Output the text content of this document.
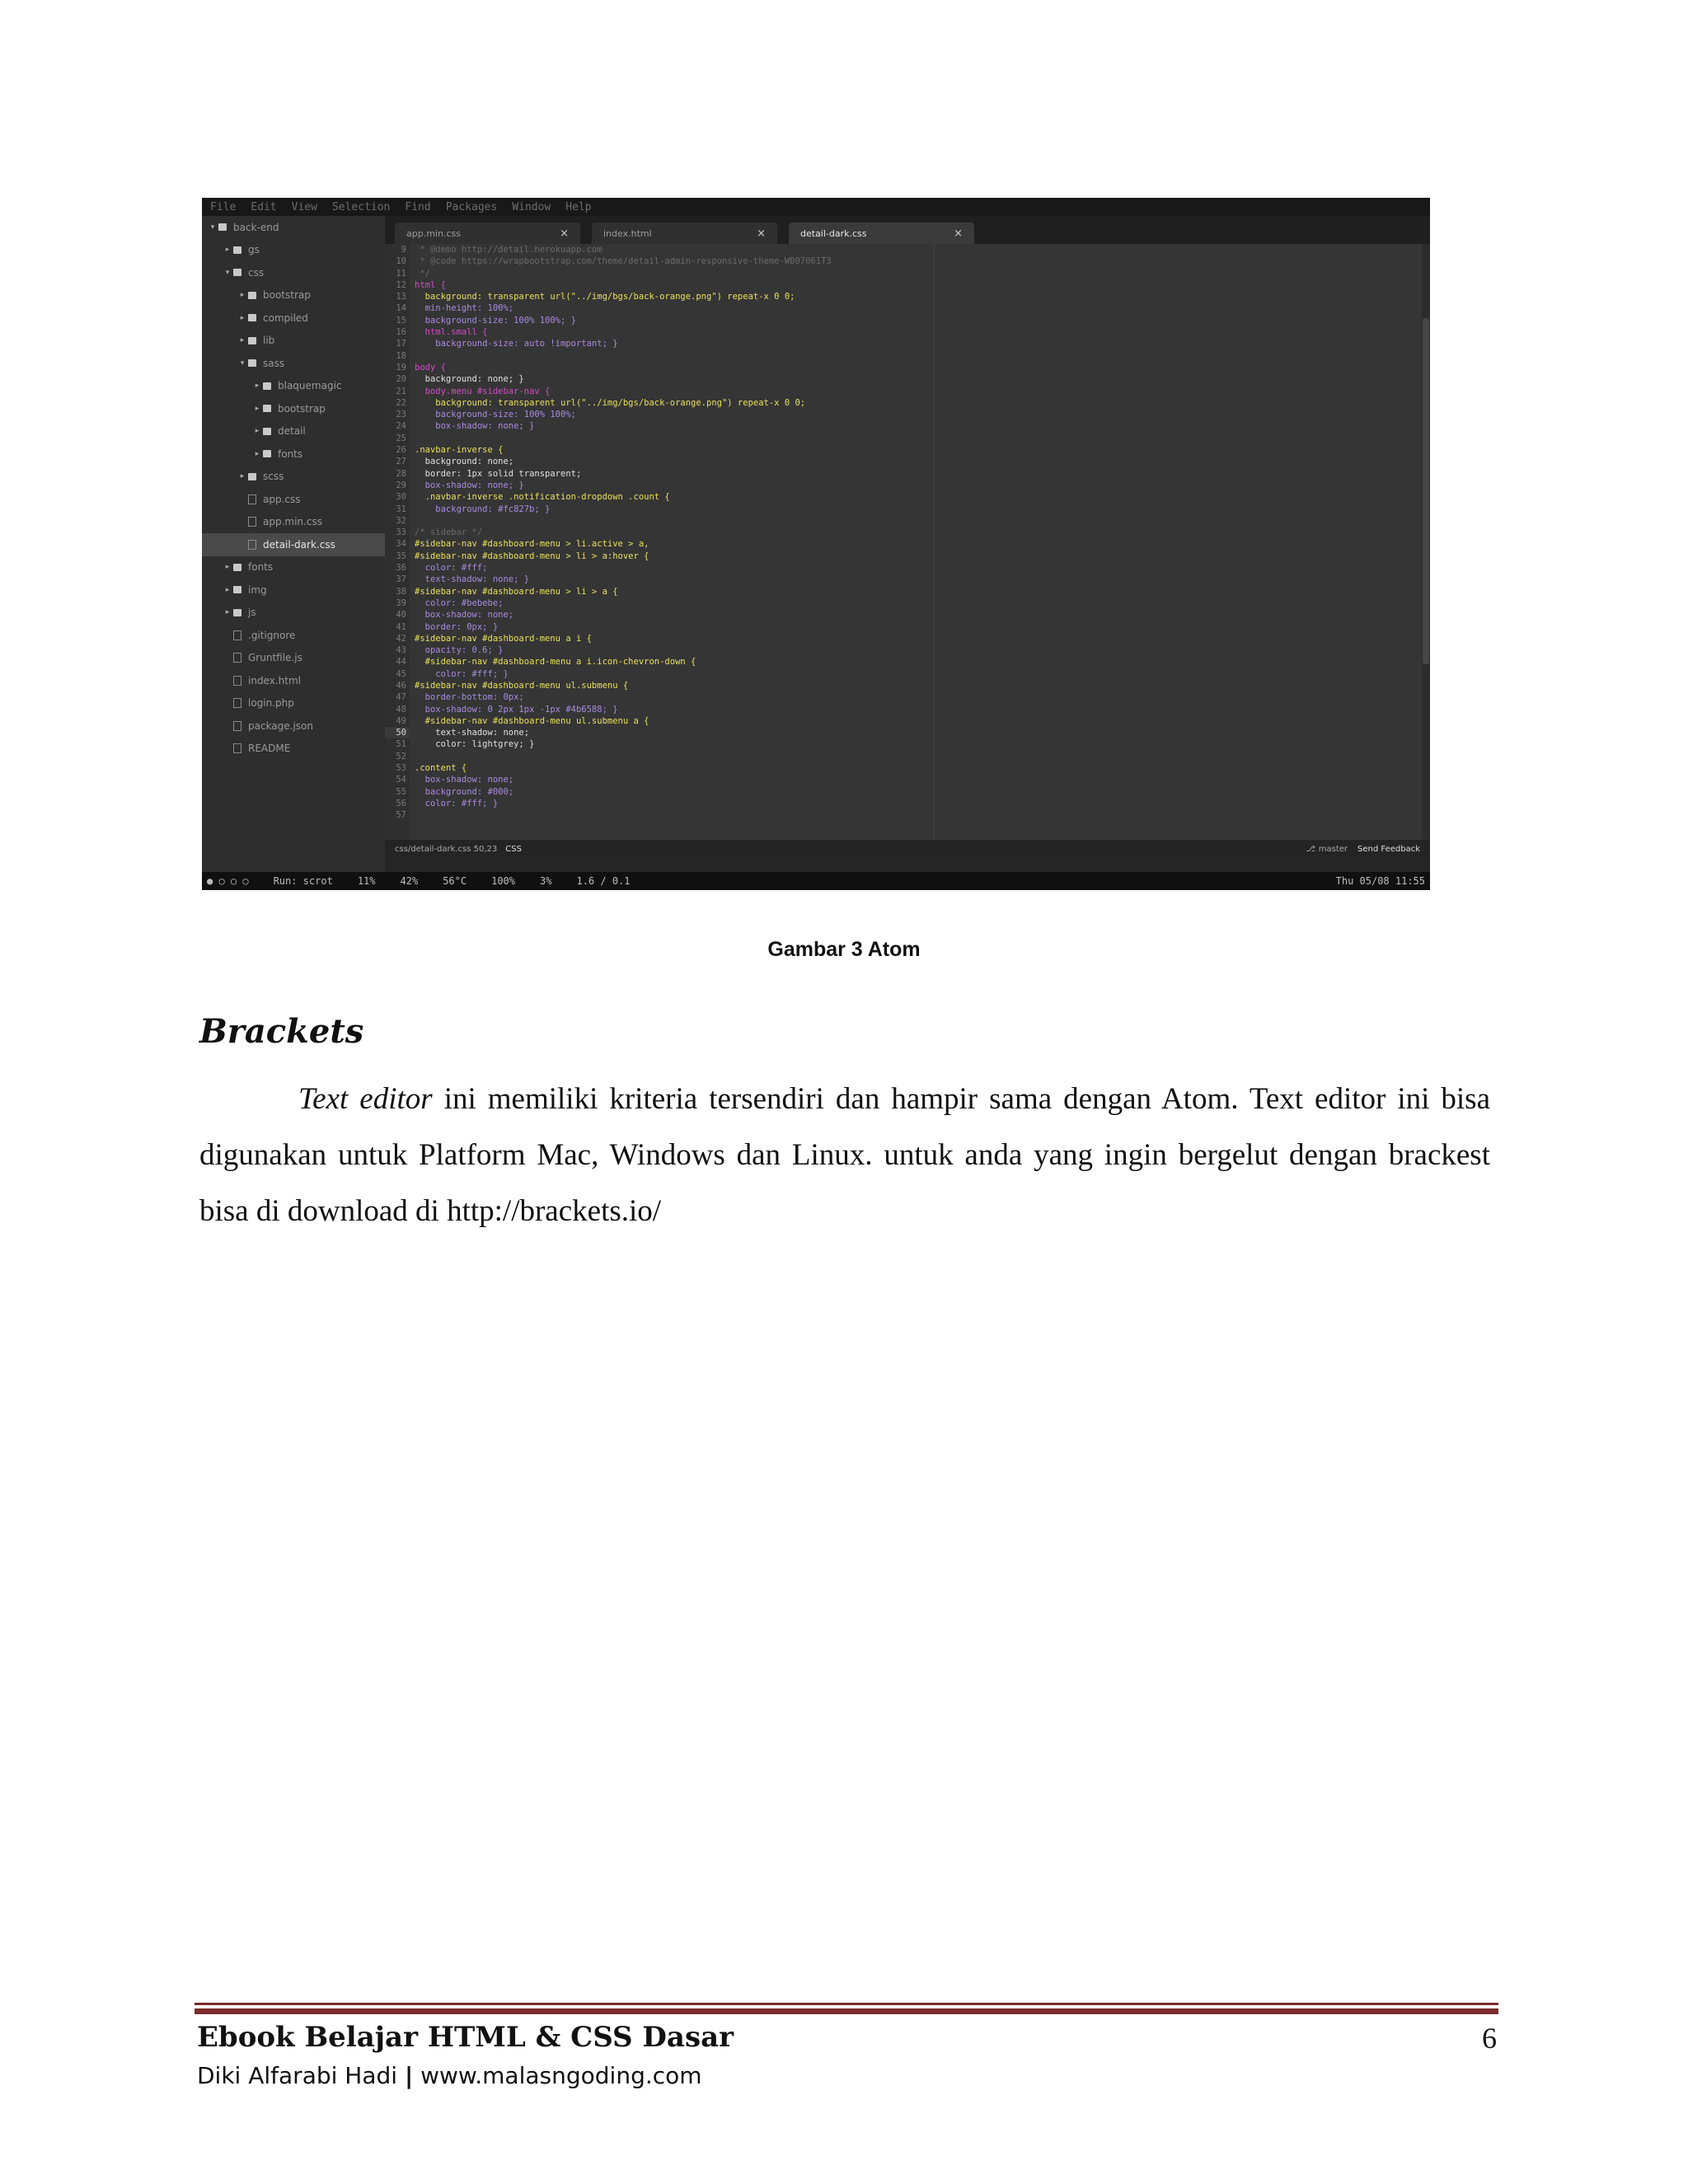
File Edit View Selection Find Packages Window Help
▾	back-end
▸	gs
▾	css
▸	bootstrap
▸	compiled
▸	lib
▾	sass
▸	blaquemagic
▸	bootstrap
▸	detail
▸	fonts
▸	scss
app.css
app.min.css
detail-dark.css
▸	fonts
▸	img
▸	js
.gitignore
Gruntfile.js
index.html
login.php
package.json
README
app.min.css	×	index.html	×	detail-dark.css	×
9
10
11
12
13
14
15
16
17
18
19
20
21
22
23
24
25
26
27
28
29
30
31
32
33
34
35
36
37
38
39
40
41
42
43
44
45
46
47
48
49
50
51
52
53
54
55
56
57
* @demo http://detail.herokuapp.com
* @code https://wrapbootstrap.com/theme/detail-admin-responsive-theme-WB07061T3
*/
html {
background: transparent url("../img/bgs/back-orange.png") repeat-x 0 0;
min-height: 100%;
background-size: 100% 100%; }
html.small {
background-size: auto !important; }
body {
background: none; }
body.menu #sidebar-nav {
background: transparent url("../img/bgs/back-orange.png") repeat-x 0 0;
background-size: 100% 100%;
box-shadow: none; }
.navbar-inverse {
background: none;
border: 1px solid transparent;
box-shadow: none; }
.navbar-inverse .notification-dropdown .count {
background: #fc827b; }
/* sidebar */
#sidebar-nav #dashboard-menu > li.active > a,
#sidebar-nav #dashboard-menu > li > a:hover {
color: #fff;
text-shadow: none; }
#sidebar-nav #dashboard-menu > li > a {
color: #bebebe;
box-shadow: none;
border: 0px; }
#sidebar-nav #dashboard-menu a i {
opacity: 0.6; }
#sidebar-nav #dashboard-menu a i.icon-chevron-down {
color: #fff; }
#sidebar-nav #dashboard-menu ul.submenu {
border-bottom: 0px;
box-shadow: 0 2px 1px -1px #4b6588; }
#sidebar-nav #dashboard-menu ul.submenu a {
text-shadow: none;
color: lightgrey; }
.content {
box-shadow: none;
background: #000;
color: #fff; }
css/detail-dark.css 50,23 CSS	⎇ master Send Feedback
● ○ ○ ○	Run: scrot	11%	42%	56°C	100%	3%	1.6 / 0.1	Thu 05/08 11:55
Gambar 3 Atom
Brackets

Text editor ini memiliki kriteria tersendiri dan hampir sama dengan Atom. Text editor ini bisa digunakan untuk Platform Mac, Windows dan Linux. untuk anda yang ingin bergelut dengan brackest bisa di download di http://brackets.io/

Ebook Belajar HTML & CSS Dasar	6
Diki Alfarabi Hadi | www.malasngoding.com
